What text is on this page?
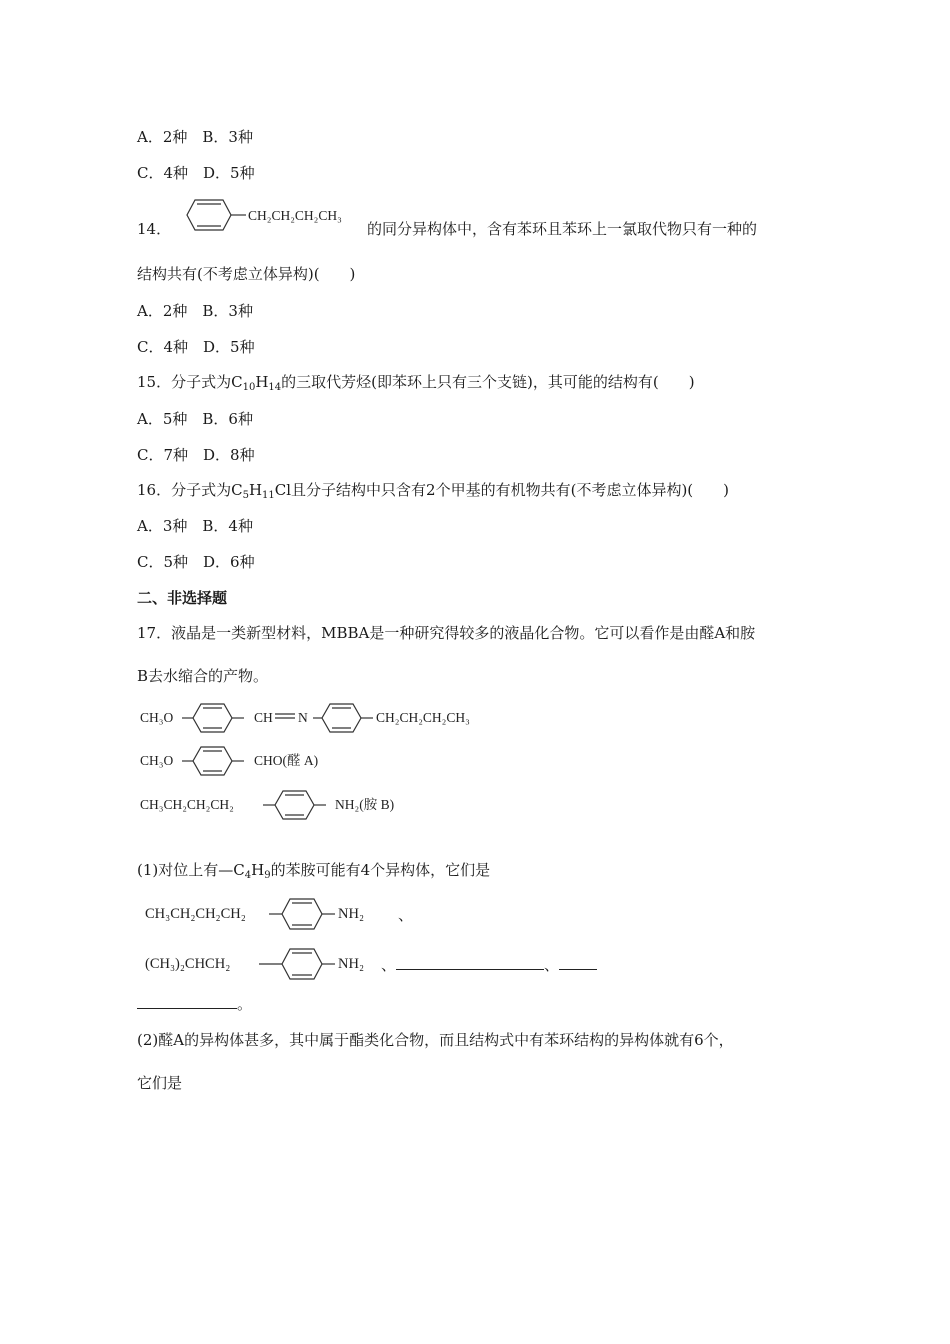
A．2种　B．3种
C．4种　D．5种
14．
CH₂CH₂CH₂CH₃
的同分异构体中，含有苯环且苯环上一氯取代物只有一种的
结构共有(不考虑立体异构)(　　)
A．2种　B．3种
C．4种　D．5种
15．分子式为$C_{10}H_{14}$的三取代芳烃(即苯环上只有三个支链)，其可能的结构有(　　)
A．5种　B．6种
C．7种　D．8种
16．分子式为$C_5H_{11}Cl$且分子结构中只含有2个甲基的有机物共有(不考虑立体异构)(　　)
A．3种　B．4种
C．5种　D．6种
二、非选择题
17．液晶是一类新型材料，MBBA是一种研究得较多的液晶化合物。它可以看作是由醛A和胺
B去水缩合的产物。
CH₃O	CH N	CH₂CH₂CH₂CH₃
CH₃O	CHO(醛 A)
CH₃CH₂CH₂CH₂	NH₂(胺 B)
(1)对位上有$—C_4H_9$的苯胺可能有4个异构体，它们是
CH₃CH₂CH₂CH₂	NH₂ 、
(CH₃)₂CHCH₂	NH₂ 、	、
。
(2)醛A的异构体甚多，其中属于酯类化合物，而且结构式中有苯环结构的异构体就有6个，
它们是
